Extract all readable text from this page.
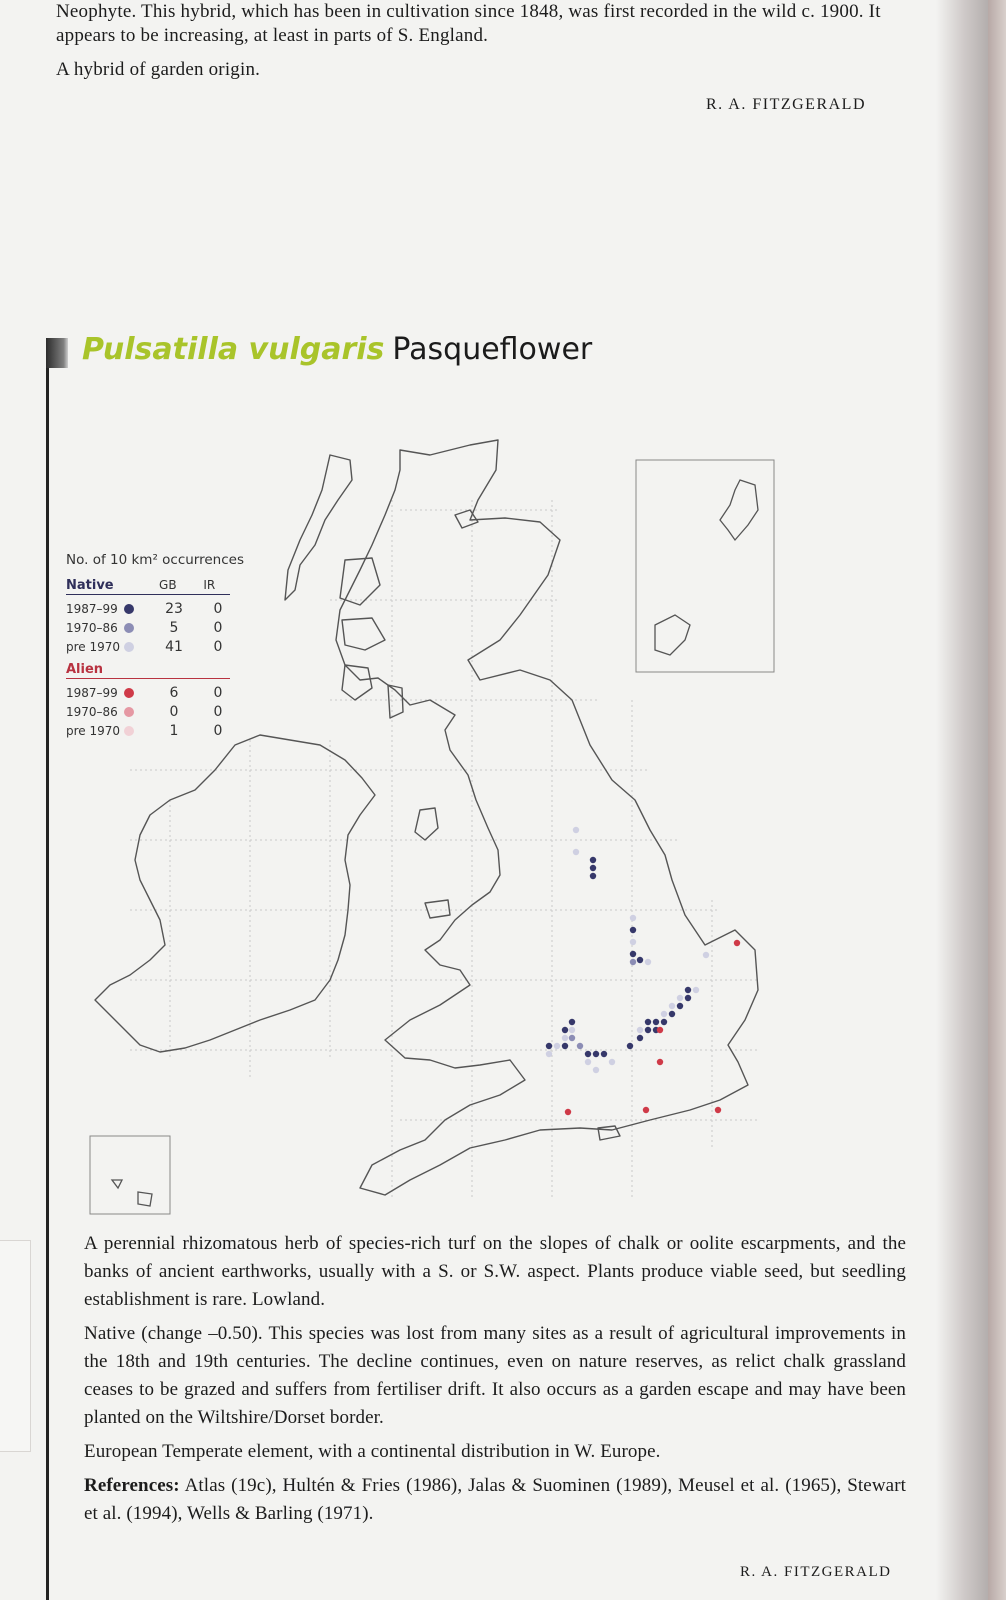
Neophyte. This hybrid, which has been in cultivation since 1848, was first recorded in the wild c. 1900. It appears to be increasing, at least in parts of S. England.

A hybrid of garden origin.

R. A. FITZGERALD
Pulsatilla vulgaris Pasqueflower
No. of 10 km² occurrences
Native	GB	IR
1987–99	23	0
1970–86	5	0
pre 1970	41	0
Alien
1987–99	6	0
1970–86	0	0
pre 1970	1	0

A perennial rhizomatous herb of species-rich turf on the slopes of chalk or oolite escarpments, and the banks of ancient earthworks, usually with a S. or S.W. aspect. Plants produce viable seed, but seedling establishment is rare. Lowland.

Native (change –0.50). This species was lost from many sites as a result of agricultural improvements in the 18th and 19th centuries. The decline continues, even on nature reserves, as relict chalk grassland ceases to be grazed and suffers from fertiliser drift. It also occurs as a garden escape and may have been planted on the Wiltshire/Dorset border.

European Temperate element, with a continental distribution in W. Europe.

References: Atlas (19c), Hultén & Fries (1986), Jalas & Suominen (1989), Meusel et al. (1965), Stewart et al. (1994), Wells & Barling (1971).

R. A. FITZGERALD
